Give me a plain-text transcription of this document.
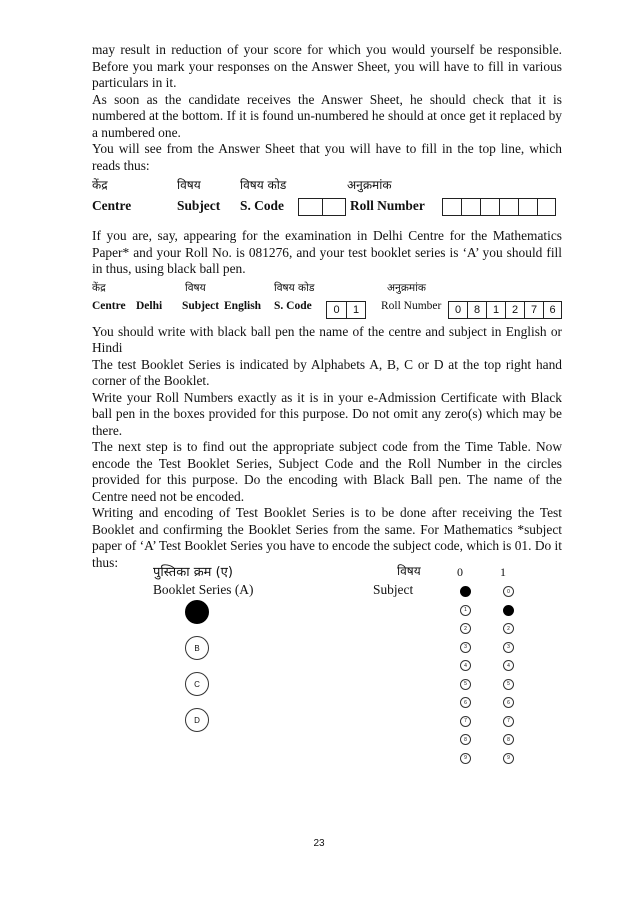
may result in reduction of your score for which you would yourself be responsible. Before you mark your responses on the Answer Sheet, you will have to fill in various particulars in it.

As soon as the candidate receives the Answer Sheet, he should check that it is numbered at the bottom. If it is found un-numbered he should at once get it replaced by a numbered one.

You will see from the Answer Sheet that you will have to fill in the top line, which reads thus:

केंद्र	विषय	विषय कोड	अनुक्रमांक
Centre	Subject S. Code	Roll Number

If you are, say, appearing for the examination in Delhi Centre for the Mathematics Paper* and your Roll No. is 081276, and your test booklet series is ‘A’ you should fill in thus, using black ball pen.

केंद्र	विषय	विषय कोड	अनुक्रमांक
Centre Delhi Subject English S. Code	0	1	Roll Number	0	8	1	2	7	6

You should write with black ball pen the name of the centre and subject in English or Hindi

The test Booklet Series is indicated by Alphabets A, B, C or D at the top right hand corner of the Booklet.

Write your Roll Numbers exactly as it is in your e-Admission Certificate with Black ball pen in the boxes provided for this purpose. Do not omit any zero(s) which may be there.

The next step is to find out the appropriate subject code from the Time Table. Now encode the Test Booklet Series, Subject Code and the Roll Number in the circles provided for this purpose. Do the encoding with Black Ball pen. The name of the Centre need not be encoded.

Writing and encoding of Test Booklet Series is to be done after receiving the Test Booklet and confirming the Booklet Series from the same. For Mathematics *subject paper of ‘A’ Test Booklet Series you have to encode the subject code, which is 01. Do it thus:

पुस्तिका क्रम (ए)
Booklet Series (A)
विषय
Subject
0	1
B
C
D
1
2
3
4
5
6
7
8
9
0
2
3
4
5
6
7
8
9
23
